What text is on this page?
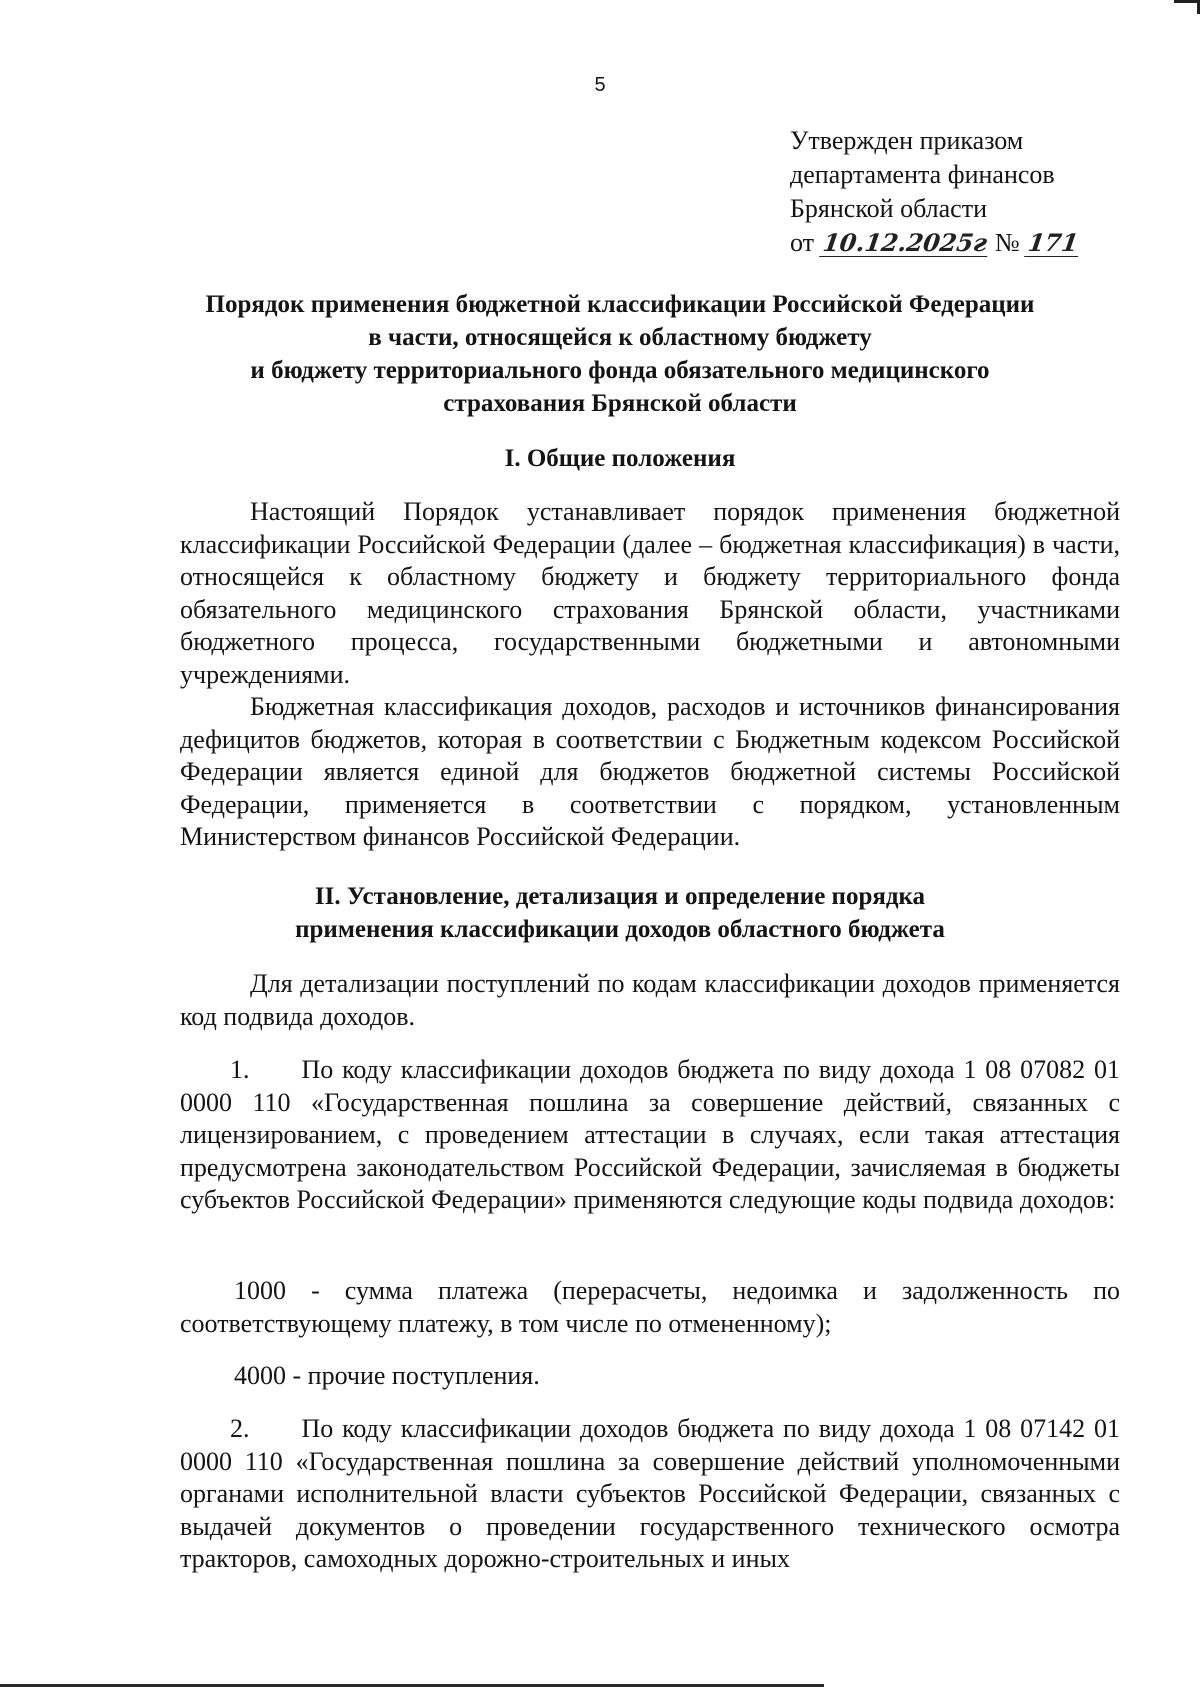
5
Утвержден приказом
департамента финансов
Брянской области
от 10.12.2025г № 171
Порядок применения бюджетной классификации Российской Федерации
в части, относящейся к областному бюджету
и бюджету территориального фонда обязательного медицинского
страхования Брянской области
I. Общие положения
Настоящий Порядок устанавливает порядок применения бюджетной классификации Российской Федерации (далее – бюджетная классификация) в части, относящейся к областному бюджету и бюджету территориального фонда обязательного медицинского страхования Брянской области, участниками бюджетного процесса, государственными бюджетными и автономными учреждениями.
Бюджетная классификация доходов, расходов и источников финансирования дефицитов бюджетов, которая в соответствии с Бюджетным кодексом Российской Федерации является единой для бюджетов бюджетной системы Российской Федерации, применяется в соответствии с порядком, установленным Министерством финансов Российской Федерации.
II. Установление, детализация и определение порядка
применения классификации доходов областного бюджета
Для детализации поступлений по кодам классификации доходов применяется код подвида доходов.
1.  По коду классификации доходов бюджета по виду дохода 1 08 07082 01 0000 110 «Государственная пошлина за совершение действий, связанных с лицензированием, с проведением аттестации в случаях, если такая аттестация предусмотрена законодательством Российской Федерации, зачисляемая в бюджеты субъектов Российской Федерации» применяются следующие коды подвида доходов:
1000 - сумма платежа (перерасчеты, недоимка и задолженность по соответствующему платежу, в том числе по отмененному);
4000 - прочие поступления.
2.  По коду классификации доходов бюджета по виду дохода 1 08 07142 01 0000 110 «Государственная пошлина за совершение действий уполномоченными органами исполнительной власти субъектов Российской Федерации, связанных с выдачей документов о проведении государственного технического осмотра тракторов, самоходных дорожно-строительных и иных
